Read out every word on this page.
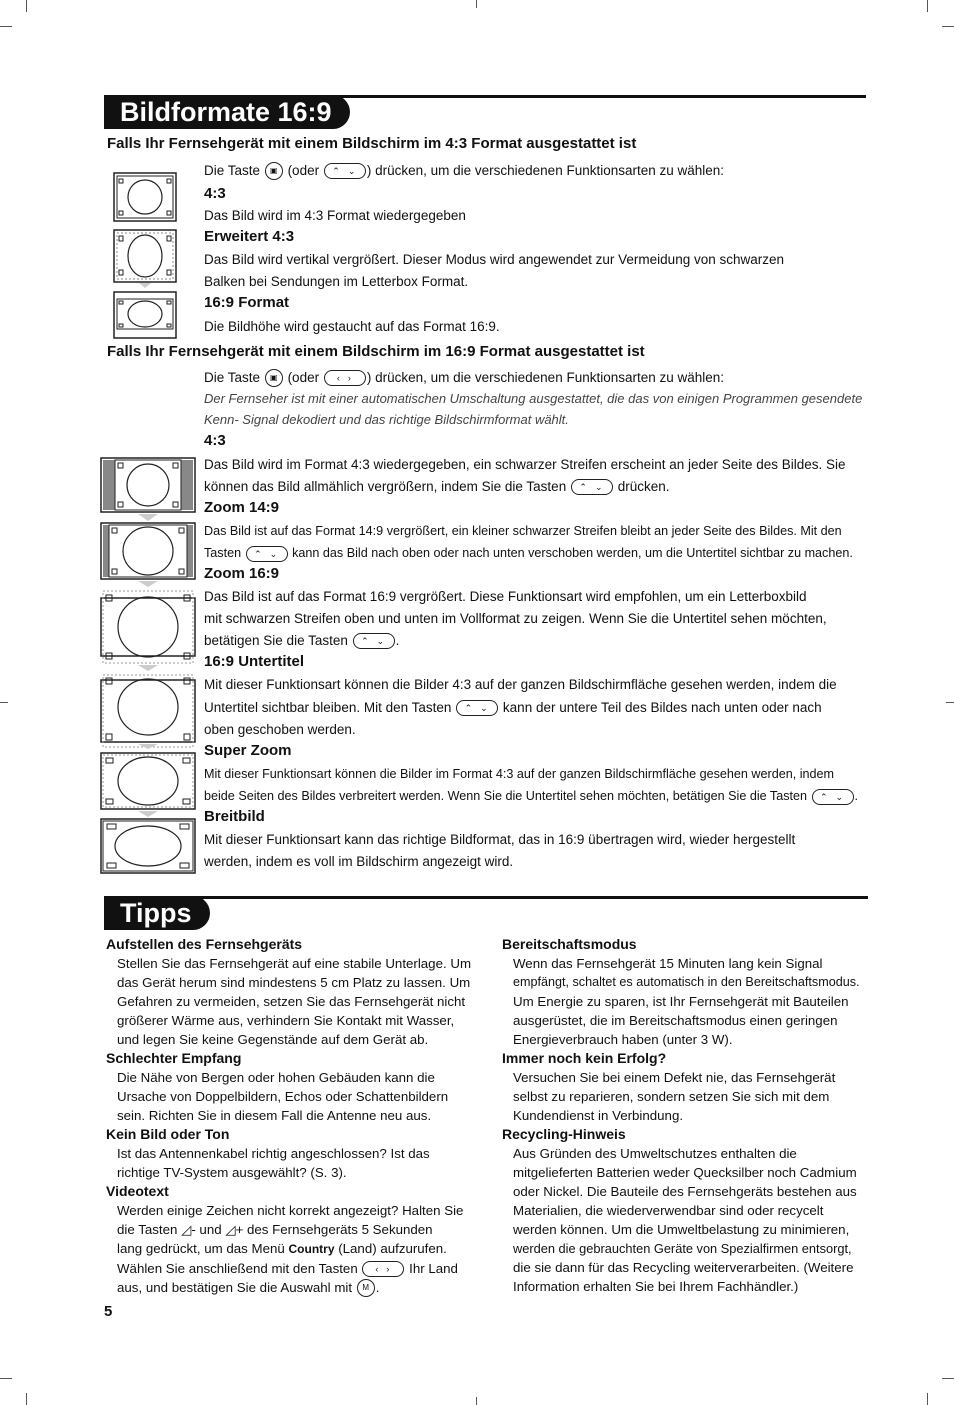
Bildformate 16:9
Falls Ihr Fernsehgerät mit einem Bildschirm im 4:3 Format ausgestattet ist
Die Taste ▣ (oder ⌃⌄ ) drücken, um die verschiedenen Funktionsarten zu wählen:
4:3
Das Bild wird im 4:3 Format wiedergegeben
Erweitert 4:3
Das Bild wird vertikal vergrößert. Dieser Modus wird angewendet zur Vermeidung von schwarzen
Balken bei Sendungen im Letterbox Format.
16:9 Format
Die Bildhöhe wird gestaucht auf das Format 16:9.
Falls Ihr Fernsehgerät mit einem Bildschirm im 16:9 Format ausgestattet ist
Die Taste ▣ (oder ‹› ) drücken, um die verschiedenen Funktionsarten zu wählen:
Der Fernseher ist mit einer automatischen Umschaltung ausgestattet, die das von einigen Programmen gesendete
Kenn- Signal dekodiert und das richtige Bildschirmformat wählt.
4:3
Das Bild wird im Format 4:3 wiedergegeben, ein schwarzer Streifen erscheint an jeder Seite des Bildes. Sie
können das Bild allmählich vergrößern, indem Sie die Tasten ⌃⌄ drücken.
Zoom 14:9
Das Bild ist auf das Format 14:9 vergrößert, ein kleiner schwarzer Streifen bleibt an jeder Seite des Bildes. Mit den
Tasten ⌃⌄ kann das Bild nach oben oder nach unten verschoben werden, um die Untertitel sichtbar zu machen.
Zoom 16:9
Das Bild ist auf das Format 16:9 vergrößert. Diese Funktionsart wird empfohlen, um ein Letterboxbild
mit schwarzen Streifen oben und unten im Vollformat zu zeigen. Wenn Sie die Untertitel sehen möchten,
betätigen Sie die Tasten ⌃⌄ .
16:9 Untertitel
Mit dieser Funktionsart können die Bilder 4:3 auf der ganzen Bildschirmfläche gesehen werden, indem die
Untertitel sichtbar bleiben. Mit den Tasten ⌃⌄ kann der untere Teil des Bildes nach unten oder nach
oben geschoben werden.
Super Zoom
Mit dieser Funktionsart können die Bilder im Format 4:3 auf der ganzen Bildschirmfläche gesehen werden, indem
beide Seiten des Bildes verbreitert werden. Wenn Sie die Untertitel sehen möchten, betätigen Sie die Tasten ⌃⌄ .
Breitbild
Mit dieser Funktionsart kann das richtige Bildformat, das in 16:9 übertragen wird, wieder hergestellt
werden, indem es voll im Bildschirm angezeigt wird.
Tipps
Aufstellen des Fernsehgeräts
Stellen Sie das Fernsehgerät auf eine stabile Unterlage. Um
das Gerät herum sind mindestens 5 cm Platz zu lassen. Um
Gefahren zu vermeiden, setzen Sie das Fernsehgerät nicht
größerer Wärme aus, verhindern Sie Kontakt mit Wasser,
und legen Sie keine Gegenstände auf dem Gerät ab.
Schlechter Empfang
Die Nähe von Bergen oder hohen Gebäuden kann die
Ursache von Doppelbildern, Echos oder Schattenbildern
sein. Richten Sie in diesem Fall die Antenne neu aus.
Kein Bild oder Ton
Ist das Antennenkabel richtig angeschlossen? Ist das
richtige TV-System ausgewählt? (S. 3).
Videotext
Werden einige Zeichen nicht korrekt angezeigt? Halten Sie
die Tasten ◿- und ◿+ des Fernsehgeräts 5 Sekunden
lang gedrückt, um das Menü Country (Land) aufzurufen.
Wählen Sie anschließend mit den Tasten ‹› Ihr Land
aus, und bestätigen Sie die Auswahl mit M .
Bereitschaftsmodus
Wenn das Fernsehgerät 15 Minuten lang kein Signal
empfängt, schaltet es automatisch in den Bereitschaftsmodus.
Um Energie zu sparen, ist Ihr Fernsehgerät mit Bauteilen
ausgerüstet, die im Bereitschaftsmodus einen geringen
Energieverbrauch haben (unter 3 W).
Immer noch kein Erfolg?
Versuchen Sie bei einem Defekt nie, das Fernsehgerät
selbst zu reparieren, sondern setzen Sie sich mit dem
Kundendienst in Verbindung.
Recycling-Hinweis
Aus Gründen des Umweltschutzes enthalten die
mitgelieferten Batterien weder Quecksilber noch Cadmium
oder Nickel. Die Bauteile des Fernsehgeräts bestehen aus
Materialien, die wiederverwendbar sind oder recycelt
werden können. Um die Umweltbelastung zu minimieren,
werden die gebrauchten Geräte von Spezialfirmen entsorgt,
die sie dann für das Recycling weiterverarbeiten. (Weitere
Information erhalten Sie bei Ihrem Fachhändler.)
5
